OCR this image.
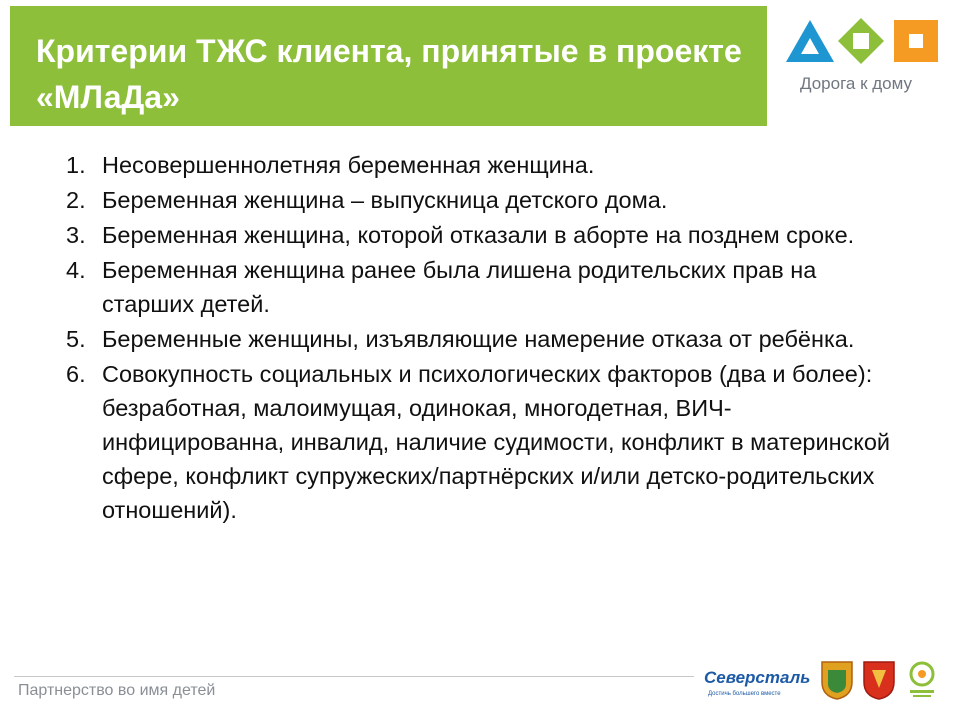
Критерии ТЖС клиента, принятые в проекте «МЛаДа»	Дорога к дому
1. Несовершеннолетняя беременная женщина.
2. Беременная женщина – выпускница детского дома.
3. Беременная женщина, которой отказали в аборте на позднем сроке.
4. Беременная женщина ранее была лишена родительских прав на старших детей.
5. Беременные женщины, изъявляющие намерение отказа от ребёнка.
6. Совокупность социальных и психологических факторов (два и более): безработная, малоимущая, одинокая, многодетная, ВИЧ-инфицированна, инвалид, наличие судимости, конфликт в материнской сфере, конфликт супружеских/партнёрских и/или детско-родительских отношений).
Партнерство во имя детей
Северсталь
Достичь большего вместе
